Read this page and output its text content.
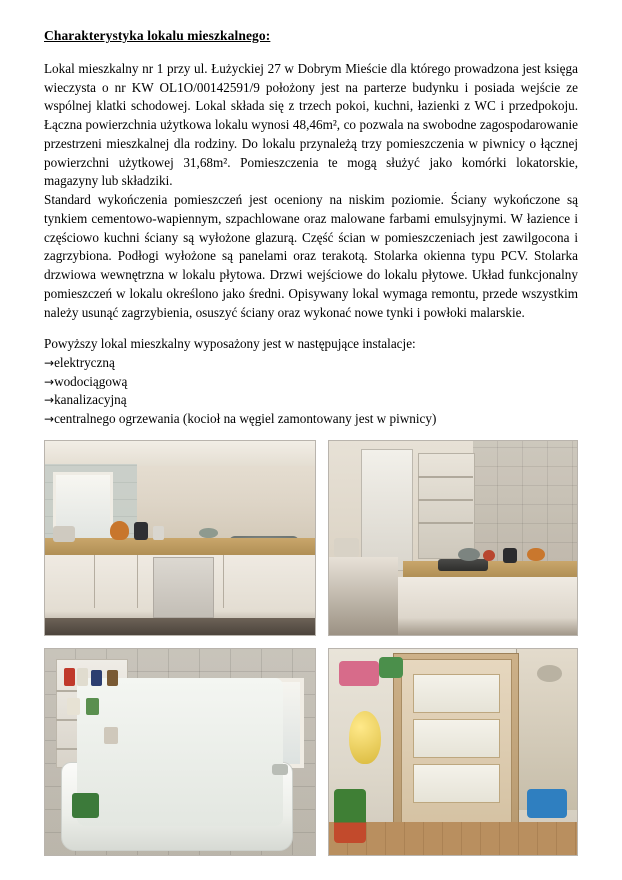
Charakterystyka lokalu mieszkalnego:

Lokal mieszkalny nr 1 przy ul. Łużyckiej 27 w Dobrym Mieście dla którego prowadzona jest księga wieczysta o nr KW OL1O/00142591/9 położony jest na parterze budynku i posiada wejście ze wspólnej klatki schodowej. Lokal składa się z trzech pokoi, kuchni, łazienki z WC i przedpokoju. Łączna powierzchnia użytkowa lokalu wynosi 48,46m², co pozwala na swobodne zagospodarowanie przestrzeni mieszkalnej dla rodziny. Do lokalu przynależą trzy pomieszczenia w piwnicy o łącznej powierzchni użytkowej 31,68m². Pomieszczenia te mogą służyć jako komórki lokatorskie, magazyny lub składziki.

Standard wykończenia pomieszczeń jest oceniony na niskim poziomie. Ściany wykończone są tynkiem cementowo-wapiennym, szpachlowane oraz malowane farbami emulsyjnymi. W łazience i częściowo kuchni ściany są wyłożone glazurą. Część ścian w pomieszczeniach jest zawilgocona i zagrzybiona. Podłogi wyłożone są panelami oraz terakotą. Stolarka okienna typu PCV. Stolarka drzwiowa wewnętrzna w lokalu płytowa. Drzwi wejściowe do lokalu płytowe. Układ funkcjonalny pomieszczeń w lokalu określono jako średni. Opisywany lokal wymaga remontu, przede wszystkim należy usunąć zagrzybienia, osuszyć ściany oraz wykonać nowe tynki i powłoki malarskie.

Powyższy lokal mieszkalny wyposażony jest w następujące instalacje:

→elektryczną
→wodociągową
→kanalizacyjną
→centralnego ogrzewania (kocioł na węgiel zamontowany jest w piwnicy)
